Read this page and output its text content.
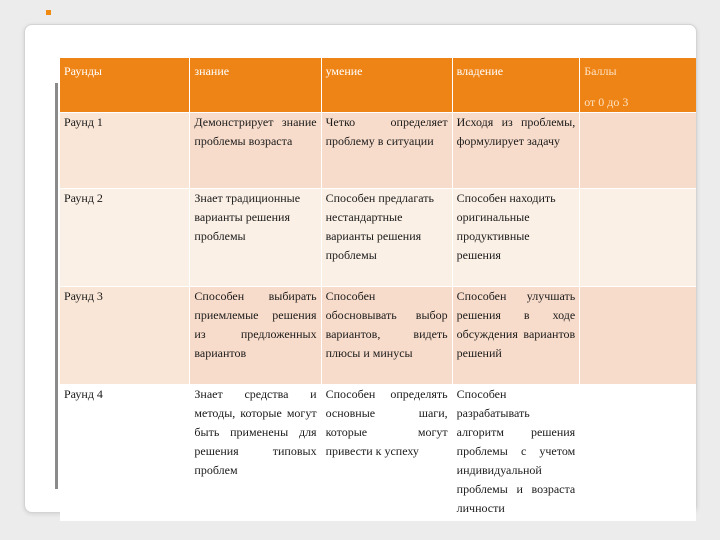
Раунды	знание	умение	владение	Баллы
от 0 до 3

Раунд 1	Демонстрирует знание проблемы возраста	Четко определяет проблему в ситуации	Исходя из проблемы, формулирует задачу	
Раунд 2	Знает традиционные варианты решения проблемы	Способен предлагать нестандартные варианты решения проблемы	Способен находить оригинальные продуктивные решения	
Раунд 3	Способен выбирать приемлемые решения из предложенных вариантов	Способен обосновывать выбор вариантов, видеть плюсы и минусы	Способен улучшать решения в ходе обсуждения вариантов решений	
Раунд 4	Знает средства и методы, которые могут быть применены для решения типовых проблем	Способен определять основные шаги, которые могут привести к успеху	Способен разрабатывать алгоритм решения проблемы с учетом индивидуальной проблемы и возраста личности	
